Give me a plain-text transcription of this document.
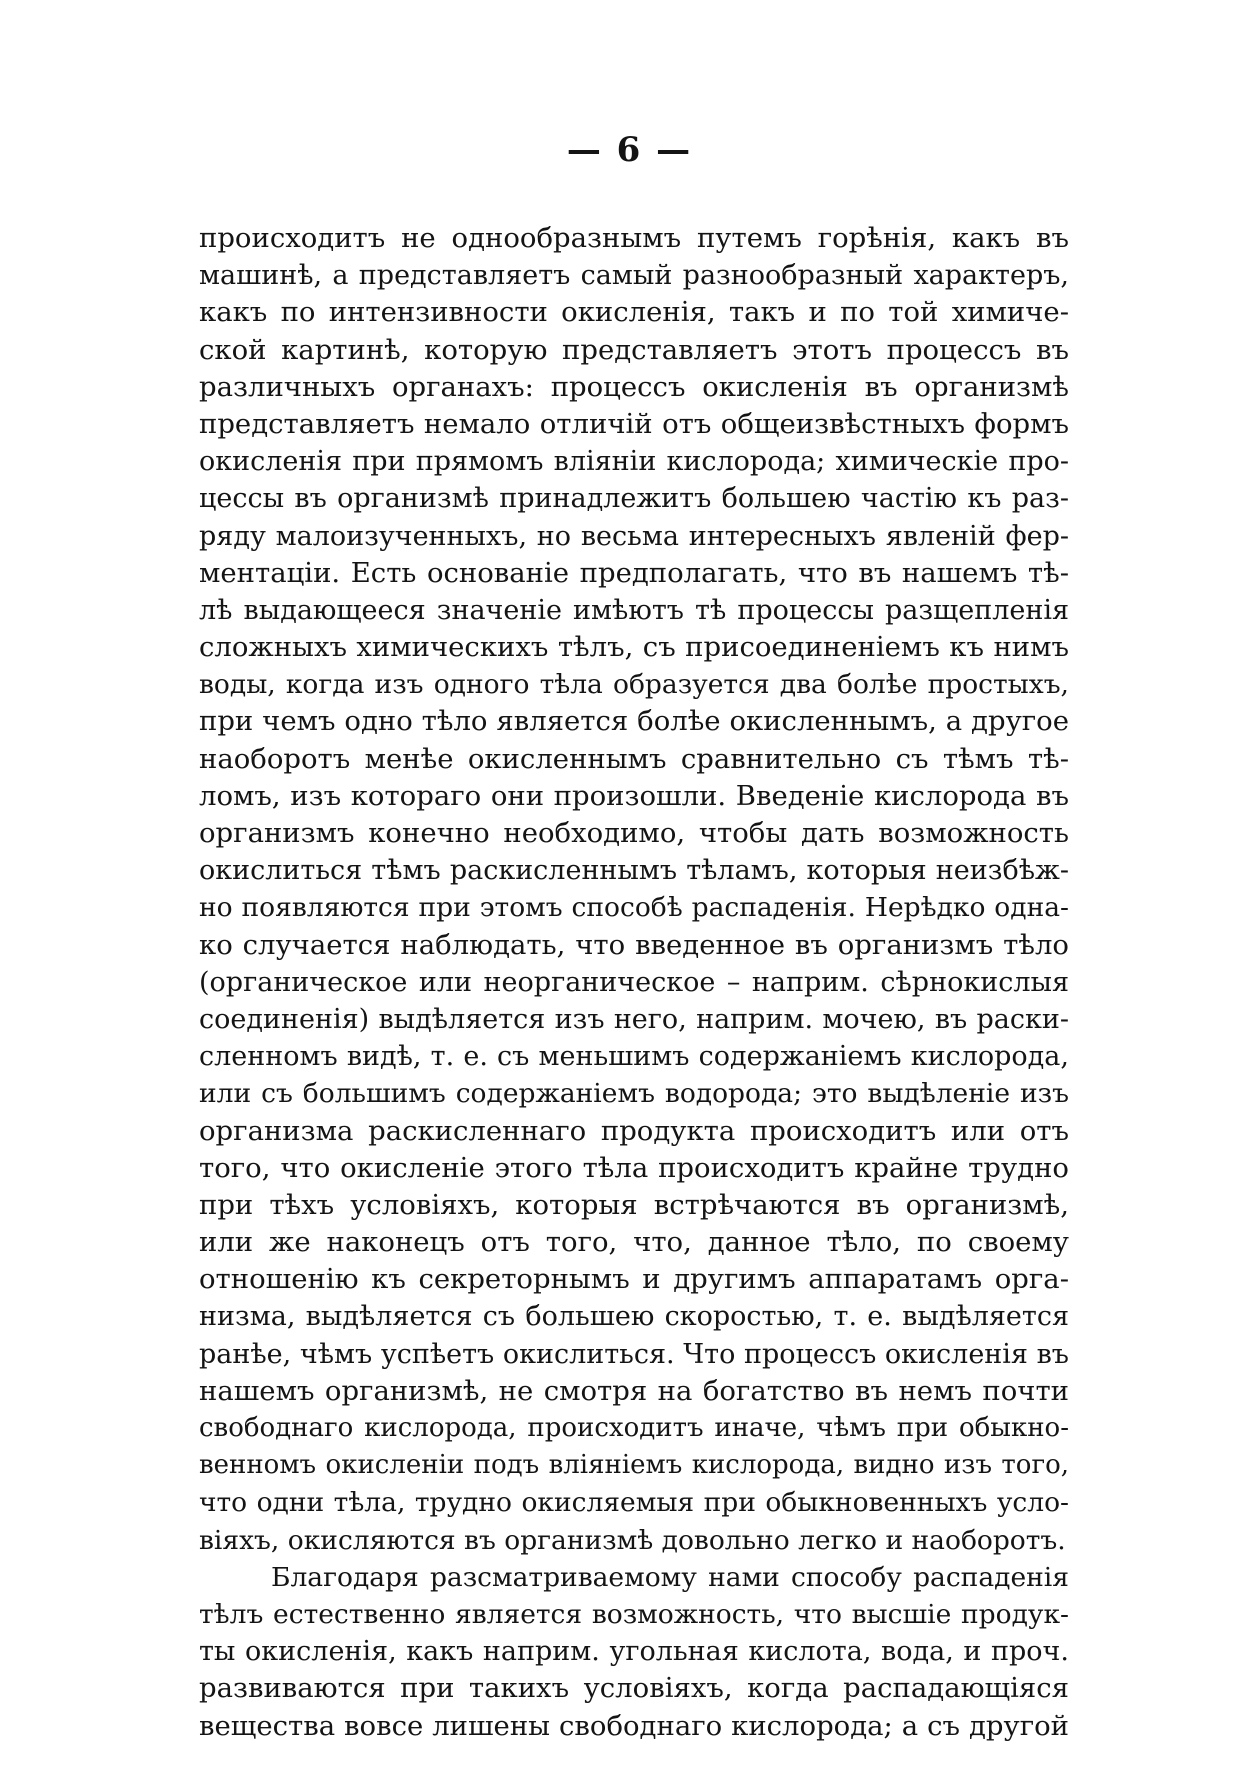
— 6 —
происходитъ не однообразнымъ путемъ горѣнія, какъ въ
машинѣ, а представляетъ самый разнообразный характеръ,
какъ по интензивности окисленія, такъ и по той химиче-
ской картинѣ, которую представляетъ этотъ процессъ въ
различныхъ органахъ: процессъ окисленія въ организмѣ
представляетъ немало отличій отъ общеизвѣстныхъ формъ
окисленія при прямомъ вліяніи кислорода; химическіе про-
цессы въ организмѣ принадлежитъ большею частію къ раз-
ряду малоизученныхъ, но весьма интересныхъ явленій фер-
ментаціи. Есть основаніе предполагать, что въ нашемъ тѣ-
лѣ выдающееся значеніе имѣютъ тѣ процессы разщепленія
сложныхъ химическихъ тѣлъ, съ присоединеніемъ къ нимъ
воды, когда изъ одного тѣла образуется два болѣе простыхъ,
при чемъ одно тѣло является болѣе окисленнымъ, а другое
наоборотъ менѣе окисленнымъ сравнительно съ тѣмъ тѣ-
ломъ, изъ котораго они произошли. Введеніе кислорода въ
организмъ конечно необходимо, чтобы дать возможность
окислиться тѣмъ раскисленнымъ тѣламъ, которыя неизбѣж-
но появляются при этомъ способѣ распаденія. Нерѣдко одна-
ко случается наблюдать, что введенное въ организмъ тѣло
(органическое или неорганическое – наприм. сѣрнокислыя
соединенія) выдѣляется изъ него, наприм. мочею, въ раски-
сленномъ видѣ, т. е. съ меньшимъ содержаніемъ кислорода,
или съ большимъ содержаніемъ водорода; это выдѣленіе изъ
организма раскисленнаго продукта происходитъ или отъ
того, что окисленіе этого тѣла происходитъ крайне трудно
при тѣхъ условіяхъ, которыя встрѣчаются въ организмѣ,
или же наконецъ отъ того, что, данное тѣло, по своему
отношенію къ секреторнымъ и другимъ аппаратамъ орга-
низма, выдѣляется съ большею скоростью, т. е. выдѣляется
ранѣе, чѣмъ успѣетъ окислиться. Что процессъ окисленія въ
нашемъ организмѣ, не смотря на богатство въ немъ почти
свободнаго кислорода, происходитъ иначе, чѣмъ при обыкно-
венномъ окисленіи подъ вліяніемъ кислорода, видно изъ того,
что одни тѣла, трудно окисляемыя при обыкновенныхъ усло-
віяхъ, окисляются въ организмѣ довольно легко и наоборотъ.
Благодаря разсматриваемому нами способу распаденія
тѣлъ естественно является возможность, что высшіе продук-
ты окисленія, какъ наприм. угольная кислота, вода, и проч.
развиваются при такихъ условіяхъ, когда распадающіяся
вещества вовсе лишены свободнаго кислорода; а съ другой
